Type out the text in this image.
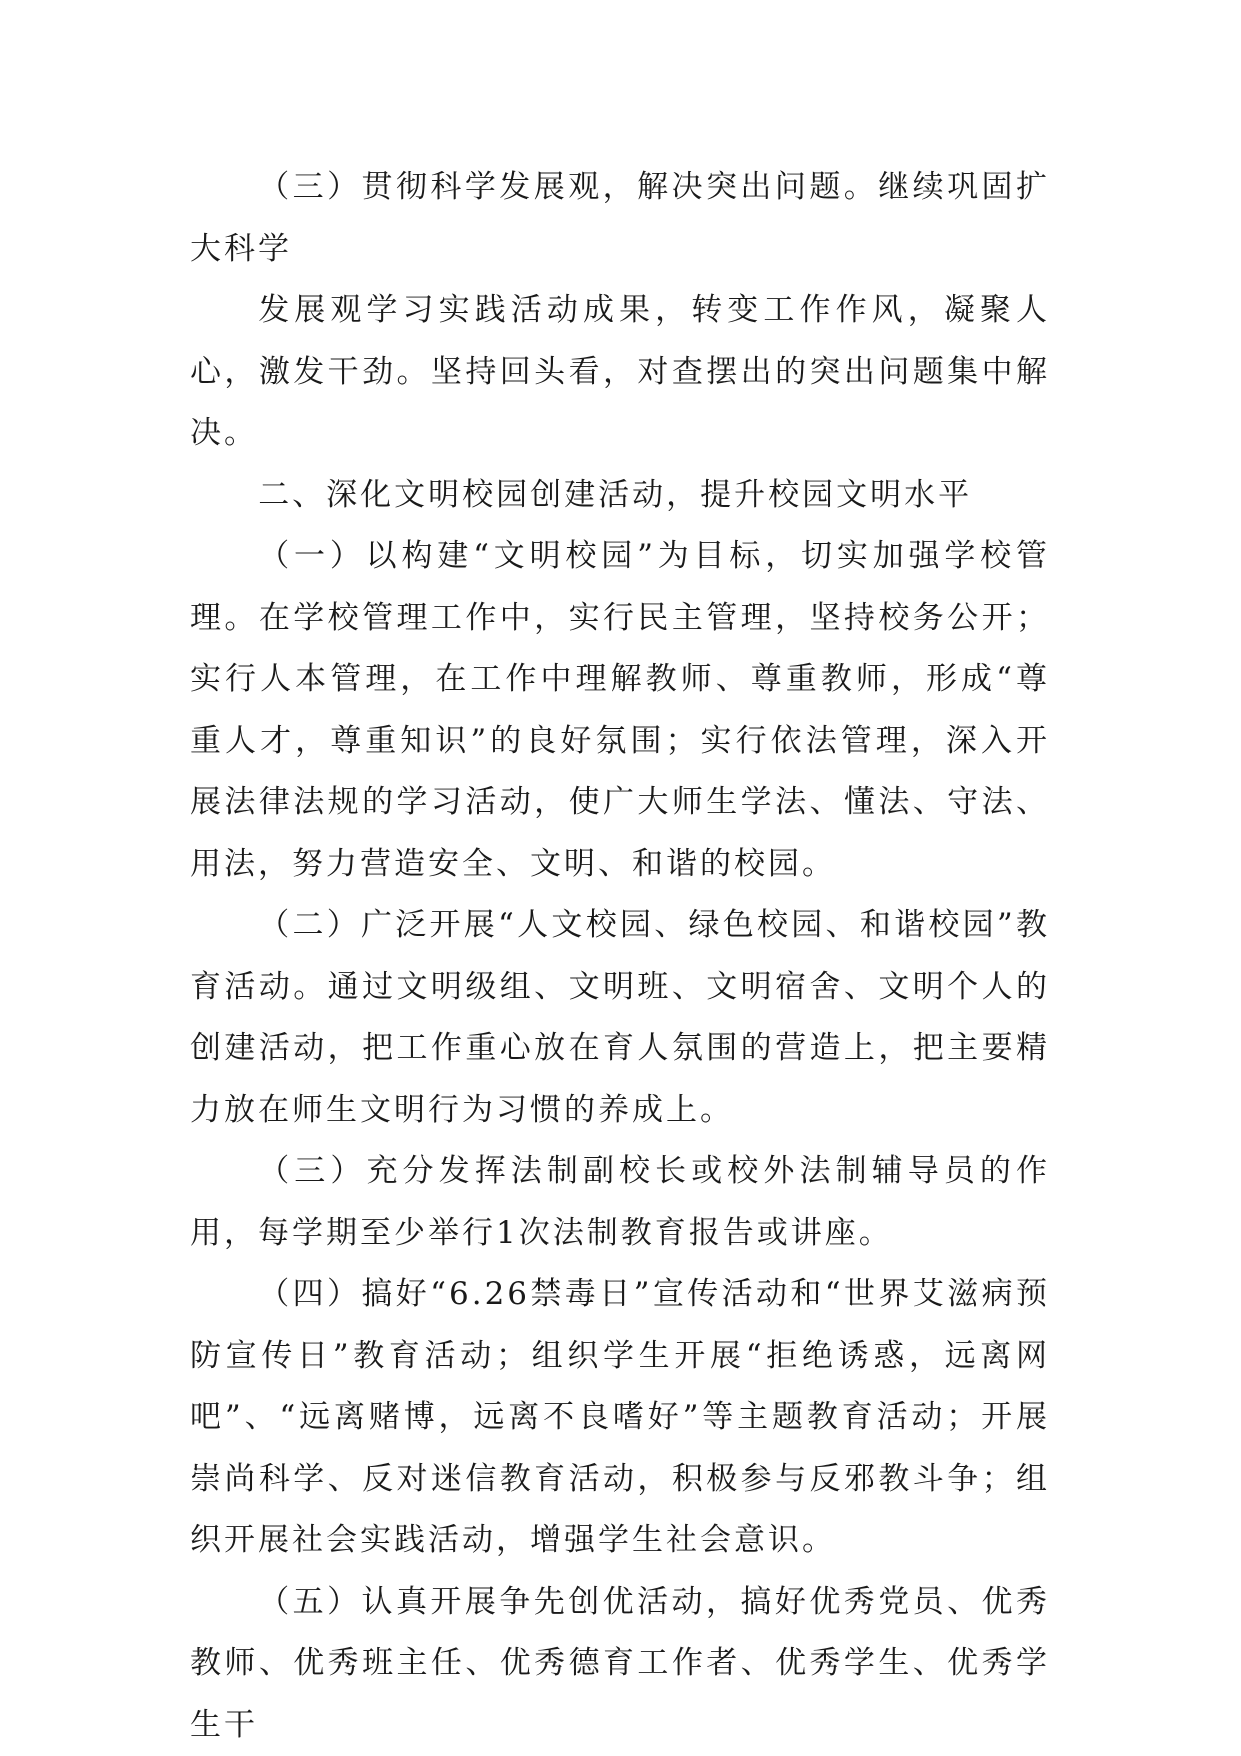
（三）贯彻科学发展观，解决突出问题。继续巩固扩大科学

发展观学习实践活动成果，转变工作作风，凝聚人心，激发干劲。坚持回头看，对查摆出的突出问题集中解决。

二、深化文明校园创建活动，提升校园文明水平

（一）以构建“文明校园”为目标，切实加强学校管理。在学校管理工作中，实行民主管理，坚持校务公开；实行人本管理，在工作中理解教师、尊重教师，形成“尊重人才，尊重知识”的良好氛围；实行依法管理，深入开展法律法规的学习活动，使广大师生学法、懂法、守法、用法，努力营造安全、文明、和谐的校园。

（二）广泛开展“人文校园、绿色校园、和谐校园”教育活动。通过文明级组、文明班、文明宿舍、文明个人的创建活动，把工作重心放在育人氛围的营造上，把主要精力放在师生文明行为习惯的养成上。

（三）充分发挥法制副校长或校外法制辅导员的作用，每学期至少举行1次法制教育报告或讲座。

（四）搞好“6.26禁毒日”宣传活动和“世界艾滋病预防宣传日”教育活动；组织学生开展“拒绝诱惑，远离网吧”、“远离赌博，远离不良嗜好”等主题教育活动；开展崇尚科学、反对迷信教育活动，积极参与反邪教斗争；组织开展社会实践活动，增强学生社会意识。

（五）认真开展争先创优活动，搞好优秀党员、优秀教师、优秀班主任、优秀德育工作者、优秀学生、优秀学生干
